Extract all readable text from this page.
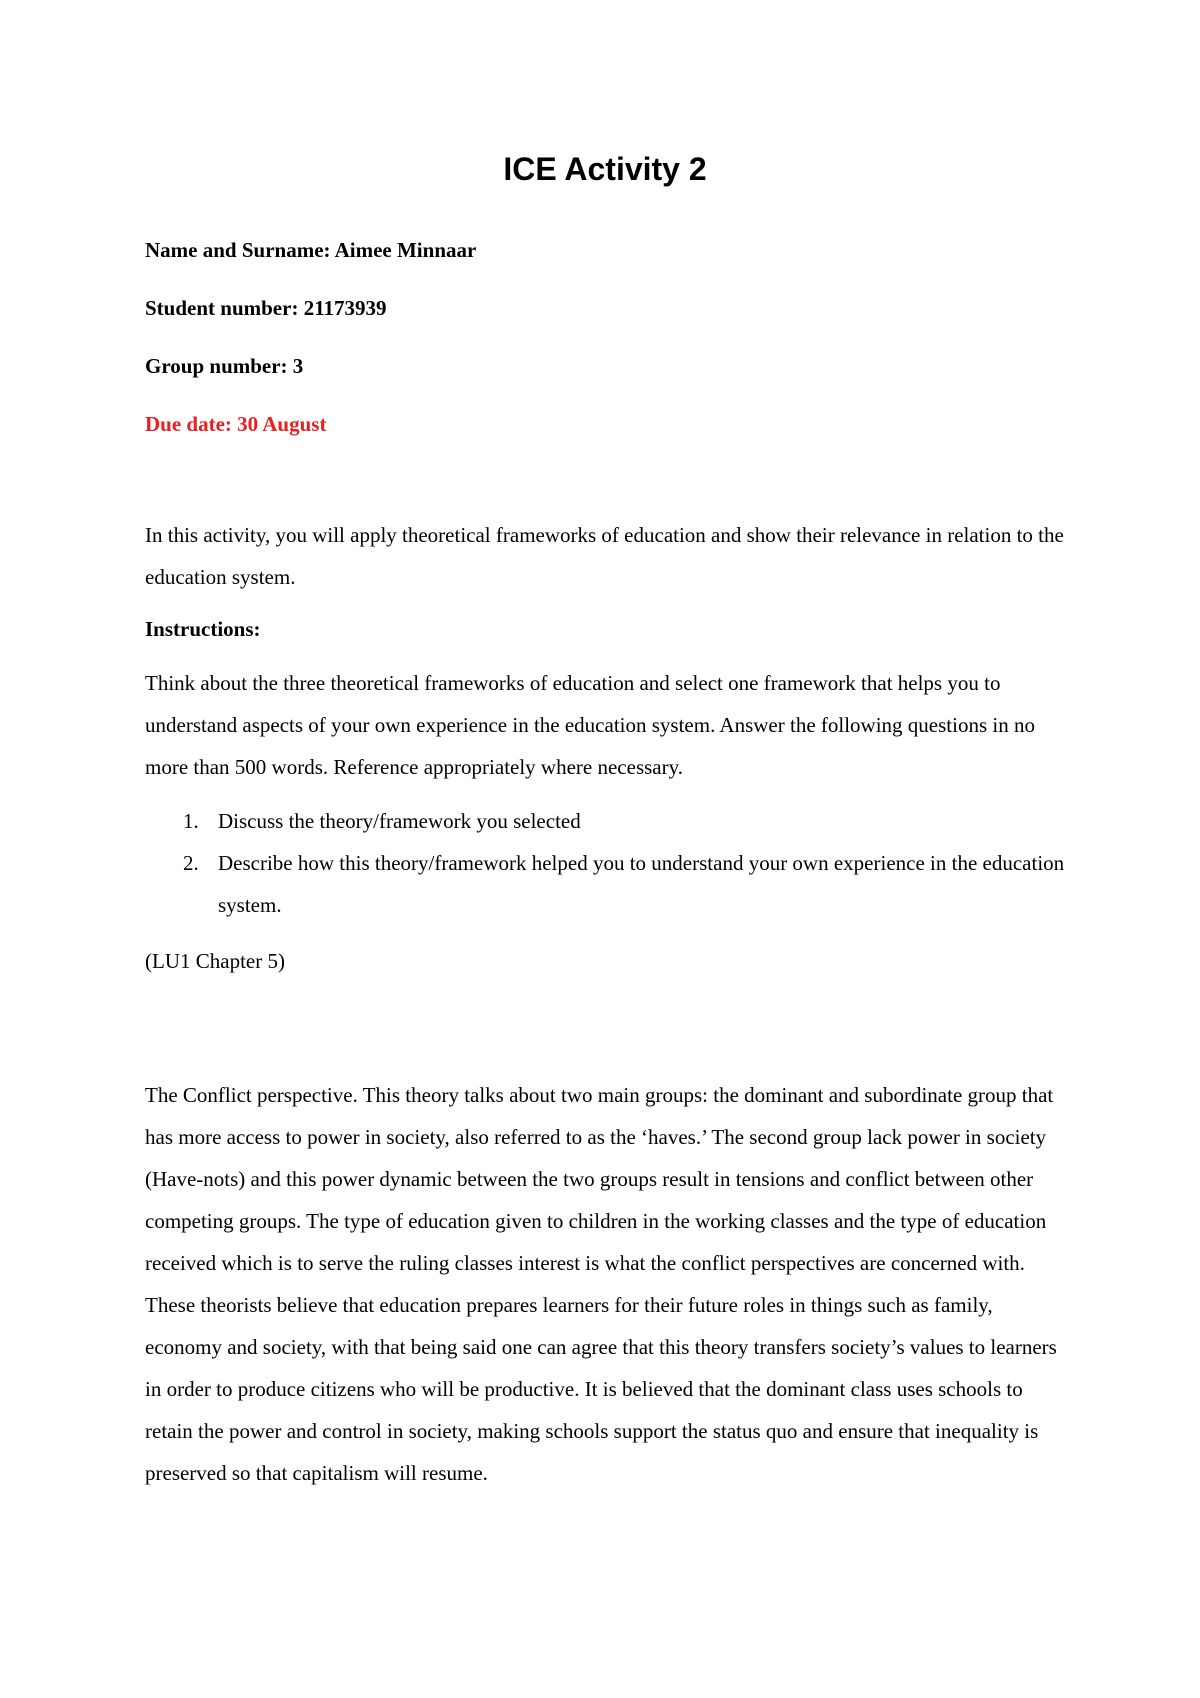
ICE Activity 2

Name and Surname: Aimee Minnaar

Student number: 21173939

Group number: 3

Due date: 30 August

In this activity, you will apply theoretical frameworks of education and show their relevance in relation to the education system.

Instructions:

Think about the three theoretical frameworks of education and select one framework that helps you to understand aspects of your own experience in the education system. Answer the following questions in no more than 500 words. Reference appropriately where necessary.

1. Discuss the theory/framework you selected
2. Describe how this theory/framework helped you to understand your own experience in the education system.

(LU1 Chapter 5)

The Conflict perspective. This theory talks about two main groups: the dominant and subordinate group that has more access to power in society, also referred to as the ‘haves.’ The second group lack power in society (Have-nots) and this power dynamic between the two groups result in tensions and conflict between other competing groups. The type of education given to children in the working classes and the type of education received which is to serve the ruling classes interest is what the conflict perspectives are concerned with. These theorists believe that education prepares learners for their future roles in things such as family, economy and society, with that being said one can agree that this theory transfers society’s values to learners in order to produce citizens who will be productive. It is believed that the dominant class uses schools to retain the power and control in society, making schools support the status quo and ensure that inequality is preserved so that capitalism will resume.
